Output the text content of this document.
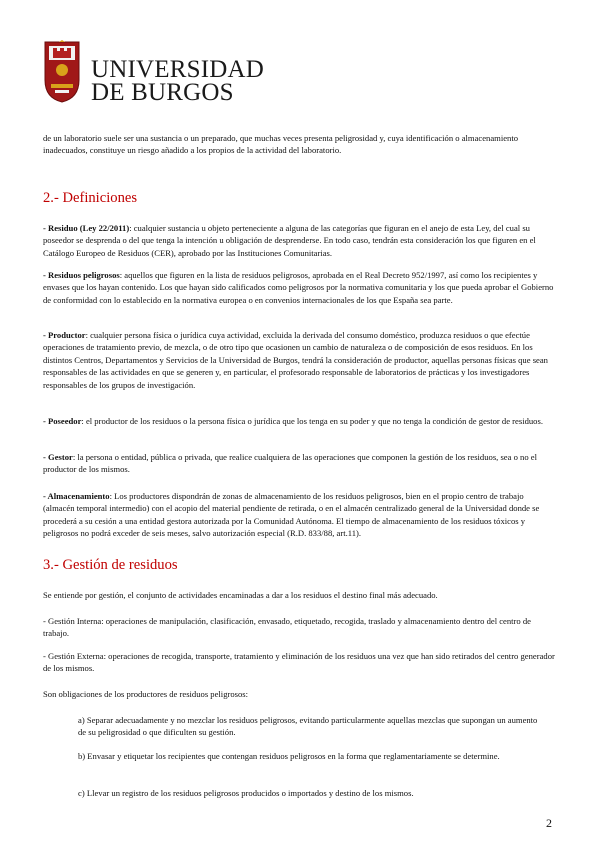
UNIVERSIDAD
DE BURGOS
de un laboratorio suele ser una sustancia o un preparado, que muchas veces presenta peligrosidad y, cuya identificación o almacenamiento inadecuados, constituye un riesgo añadido a los propios de la actividad del laboratorio.
2.- Definiciones
- Residuo (Ley 22/2011): cualquier sustancia u objeto perteneciente a alguna de las categorías que figuran en el anejo de esta Ley, del cual su poseedor se desprenda o del que tenga la intención u obligación de desprenderse. En todo caso, tendrán esta consideración los que figuren en el Catálogo Europeo de Residuos (CER), aprobado por las Instituciones Comunitarias.
- Residuos peligrosos: aquellos que figuren en la lista de residuos peligrosos, aprobada en el Real Decreto 952/1997, así como los recipientes y envases que los hayan contenido. Los que hayan sido calificados como peligrosos por la normativa comunitaria y los que pueda aprobar el Gobierno de conformidad con lo establecido en la normativa europea o en convenios internacionales de los que España sea parte.
- Productor: cualquier persona física o jurídica cuya actividad, excluida la derivada del consumo doméstico, produzca residuos o que efectúe operaciones de tratamiento previo, de mezcla, o de otro tipo que ocasionen un cambio de naturaleza o de composición de esos residuos. En los distintos Centros, Departamentos y Servicios de la Universidad de Burgos, tendrá la consideración de productor, aquellas personas físicas que sean responsables de las actividades en que se generen y, en particular, el profesorado responsable de laboratorios de prácticas y los investigadores responsables de los grupos de investigación.
- Poseedor: el productor de los residuos o la persona física o jurídica que los tenga en su poder y que no tenga la condición de gestor de residuos.
- Gestor: la persona o entidad, pública o privada, que realice cualquiera de las operaciones que componen la gestión de los residuos, sea o no el productor de los mismos.
- Almacenamiento: Los productores dispondrán de zonas de almacenamiento de los residuos peligrosos, bien en el propio centro de trabajo (almacén temporal intermedio) con el acopio del material pendiente de retirada, o en el almacén centralizado general de la Universidad donde se procederá a su cesión a una entidad gestora autorizada por la Comunidad Autónoma. El tiempo de almacenamiento de los residuos tóxicos y peligrosos no podrá exceder de seis meses, salvo autorización especial (R.D. 833/88, art.11).
3.- Gestión de residuos
Se entiende por gestión, el conjunto de actividades encaminadas a dar a los residuos el destino final más adecuado.
- Gestión Interna: operaciones de manipulación, clasificación, envasado, etiquetado, recogida, traslado y almacenamiento dentro del centro de trabajo.
- Gestión Externa: operaciones de recogida, transporte, tratamiento y eliminación de los residuos una vez que han sido retirados del centro generador de los mismos.
Son obligaciones de los productores de residuos peligrosos:
a) Separar adecuadamente y no mezclar los residuos peligrosos, evitando particularmente aquellas mezclas que supongan un aumento de su peligrosidad o que dificulten su gestión.
b) Envasar y etiquetar los recipientes que contengan residuos peligrosos en la forma que reglamentariamente se determine.
c) Llevar un registro de los residuos peligrosos producidos o importados y destino de los mismos.
2
